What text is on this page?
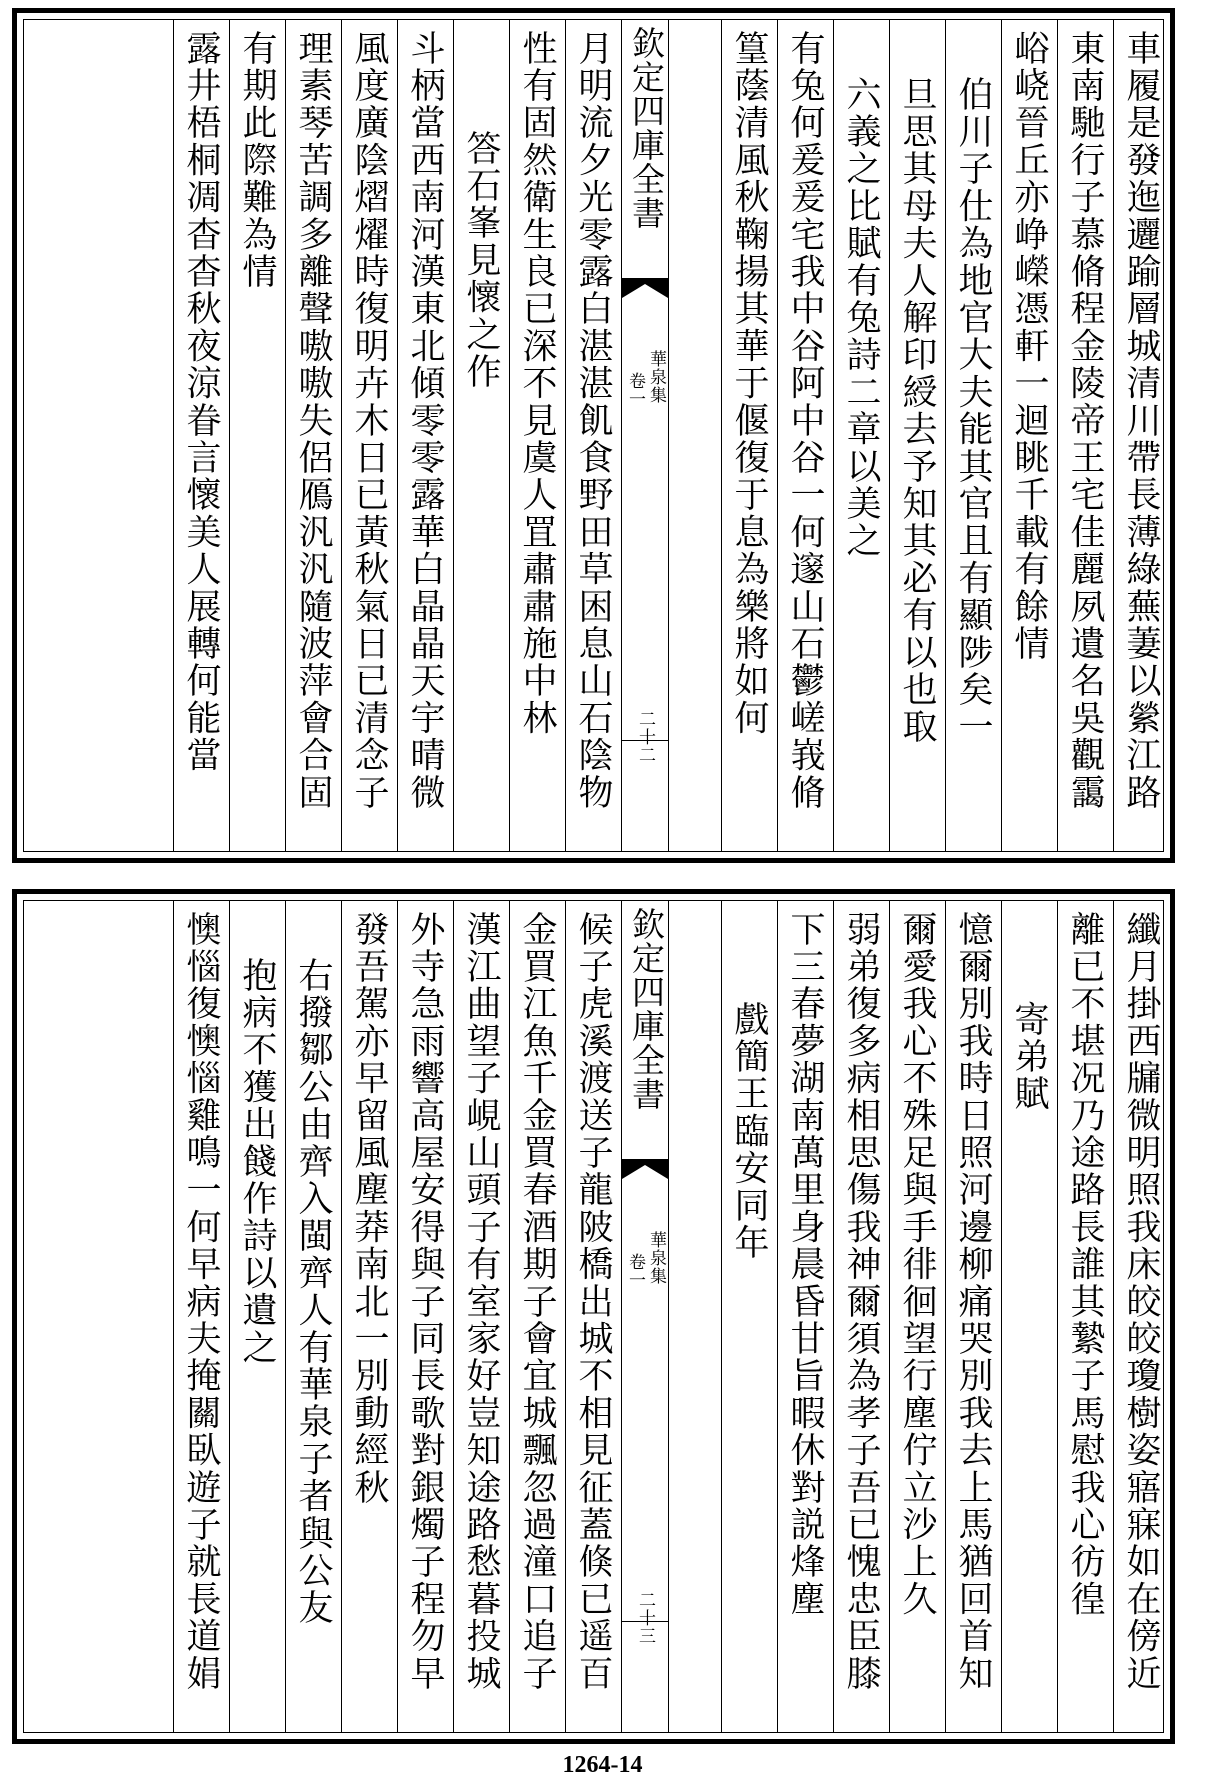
車履是發迤邐踰層城清川帶長薄綠蕪萋以縈江路
東南馳行子慕脩程金陵帝王宅佳麗夙遺名吳觀靄
峪峣晉丘亦峥嶸憑軒一迴眺千載有餘情
伯川子仕為地官大夫能其官且有顯陟矣一
旦思其母夫人解印綬去予知其必有以也取
六義之比賦有兔詩二章以美之
有兔何爰爰宅我中谷阿中谷一何邃山石鬱嵯峩脩
篁蔭清風秋鞠揚其華于偃復于息為樂將如何
欽定四庫全書
華泉集
卷一
二十二
月明流夕光零露白湛湛飢食野田草困息山石陰物
性有固然衛生良已深不見虞人罝肅肅施中林
答石峯見懷之作
斗柄當西南河漢東北傾零零露華白晶晶天宇晴微
風度廣陰熠燿時復明卉木日已黃秋氣日已清念子
理素琴苦調多離聲嗷嗷失侶鴈汎汎隨波萍會合固
有期此際難為情
露井梧桐凋杳杳秋夜涼眷言懷美人展轉何能當
纖月掛西牖微明照我床皎皎瓊樹姿寤寐如在傍近
離已不堪况乃途路長誰其縶子馬慰我心彷徨
寄弟賦
憶爾別我時日照河邊柳痛哭別我去上馬猶回首知
爾愛我心不殊足與手徘徊望行塵佇立沙上久
弱弟復多病相思傷我神爾須為孝子吾已愧忠臣膝
下三春夢湖南萬里身晨昏甘旨暇休對説烽塵
戲簡王臨安同年
欽定四庫全書
華泉集
卷一
二十三
候子虎溪渡送子龍陂橋出城不相見征蓋倏已遥百
金買江魚千金買春酒期子會宜城飄忽過潼口追子
漢江曲望子峴山頭子有室家好豈知途路愁暮投城
外寺急雨響高屋安得與子同長歌對銀燭子程勿早
發吾駕亦早留風塵莽南北一別動經秋
右撥鄒公由齊入閩齊人有華泉子者與公友
抱病不獲出餞作詩以遺之
懊惱復懊惱雞鳴一何早病夫掩關臥遊子就長道娟
1264-14
